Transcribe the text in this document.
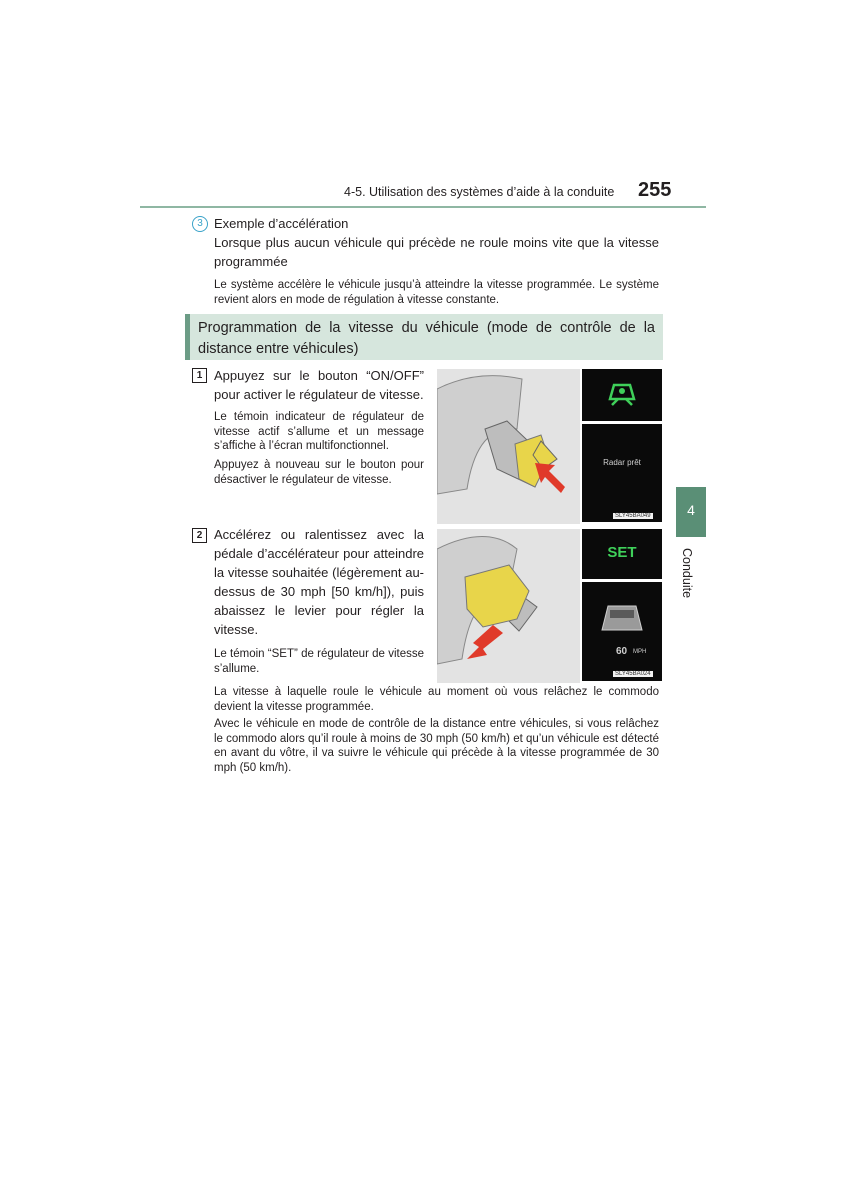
4-5. Utilisation des systèmes d’aide à la conduite 255
4
Conduite
3 Exemple d’accélération
Lorsque plus aucun véhicule qui précède ne roule moins vite que la vitesse programmée
Le système accélère le véhicule jusqu’à atteindre la vitesse programmée. Le système revient alors en mode de régulation à vitesse constante.
Programmation de la vitesse du véhicule (mode de contrôle de la distance entre véhicules)
1 Appuyez sur le bouton “ON/OFF” pour activer le régulateur de vitesse.
Le témoin indicateur de régulateur de vitesse actif s’allume et un message s’affiche à l’écran multifonctionnel.
Appuyez à nouveau sur le bouton pour désactiver le régulateur de vitesse.
Radar prêt
SLY45BA049
2 Accélérez ou ralentissez avec la pédale d’accélérateur pour atteindre la vitesse souhaitée (légèrement au-dessus de 30 mph [50 km/h]), puis abaissez le levier pour régler la vitesse.
Le témoin “SET” de régulateur de vitesse s’allume.
SET
60 MPH
SLY45BA024
La vitesse à laquelle roule le véhicule au moment où vous relâchez le commodo devient la vitesse programmée.
Avec le véhicule en mode de contrôle de la distance entre véhicules, si vous relâchez le commodo alors qu’il roule à moins de 30 mph (50 km/h) et qu’un véhicule est détecté en avant du vôtre, il va suivre le véhicule qui précède à la vitesse programmée de 30 mph (50 km/h).
